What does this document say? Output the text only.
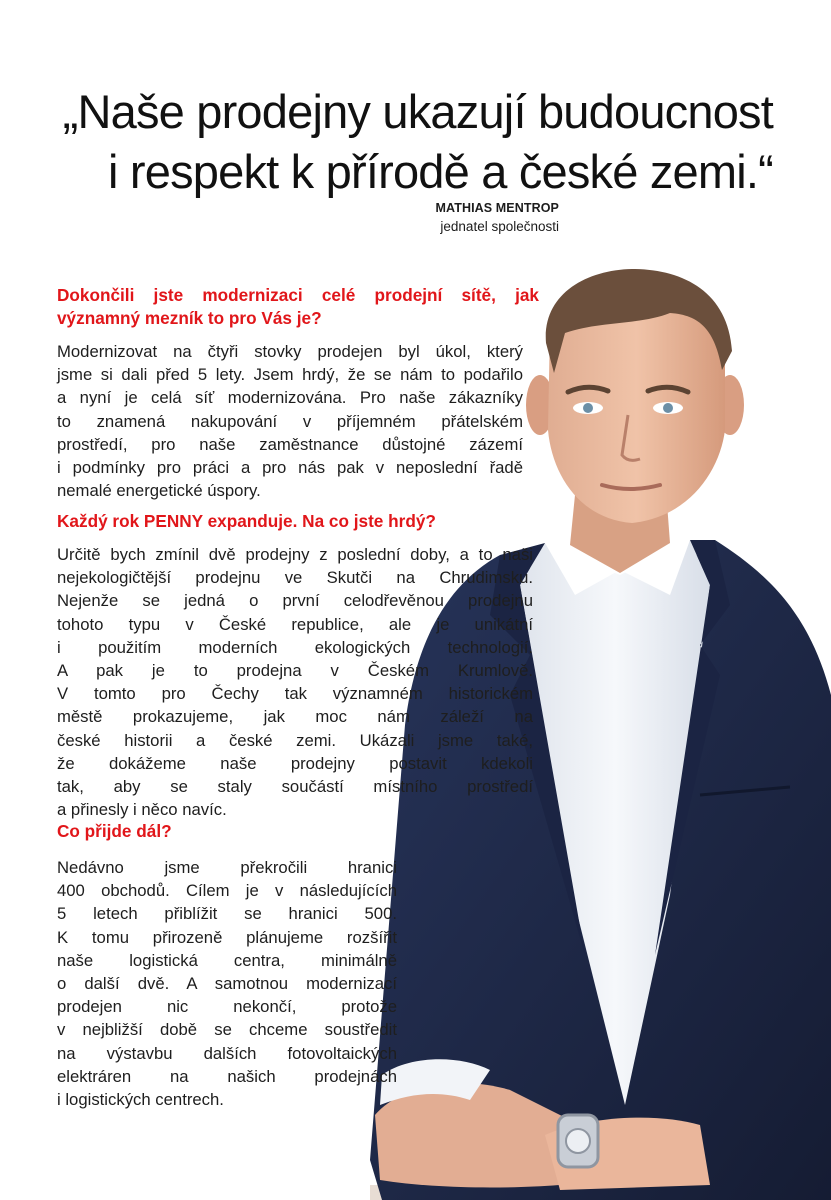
„Naše prodejny ukazují budoucnost
i respekt k přírodě a české zemi.“
MATHIAS MENTROP
jednatel společnosti

Dokončili jste modernizaci celé prodejní sítě, jak významný mezník to pro Vás je?

Modernizovat na čtyři stovky prodejen byl úkol, který
jsme si dali před 5 lety. Jsem hrdý, že se nám to podařilo
a nyní je celá síť modernizována. Pro naše zákazníky
to znamená nakupování v příjemném přátelském
prostředí, pro naše zaměstnance důstojné zázemí
i podmínky pro práci a pro nás pak v neposlední řadě
nemalé energetické úspory.

Každý rok PENNY expanduje. Na co jste hrdý?

Určitě bych zmínil dvě prodejny z poslední doby, a to naši
nejekologičtější prodejnu ve Skutči na Chrudimsku.
Nejenže se jedná o první celodřevěnou prodejnu
tohoto typu v České republice, ale je unikátní
i použitím moderních ekologických technologií.
A pak je to prodejna v Českém Krumlově.
V tomto pro Čechy tak významném historickém
městě prokazujeme, jak moc nám záleží na
české historii a české zemi. Ukázali jsme také,
že dokážeme naše prodejny postavit kdekoli
tak, aby se staly součástí místního prostředí
a přinesly i něco navíc.

Co přijde dál?

Nedávno jsme překročili hranici
400 obchodů. Cílem je v následujících
5 letech přiblížit se hranici 500.
K tomu přirozeně plánujeme rozšířit
naše logistická centra, minimálně
o další dvě. A samotnou modernizací
prodejen nic nekončí, protože
v nejbližší době se chceme soustředit
na výstavbu dalších fotovoltaických
elektráren na našich prodejnách
i logistických centrech.
